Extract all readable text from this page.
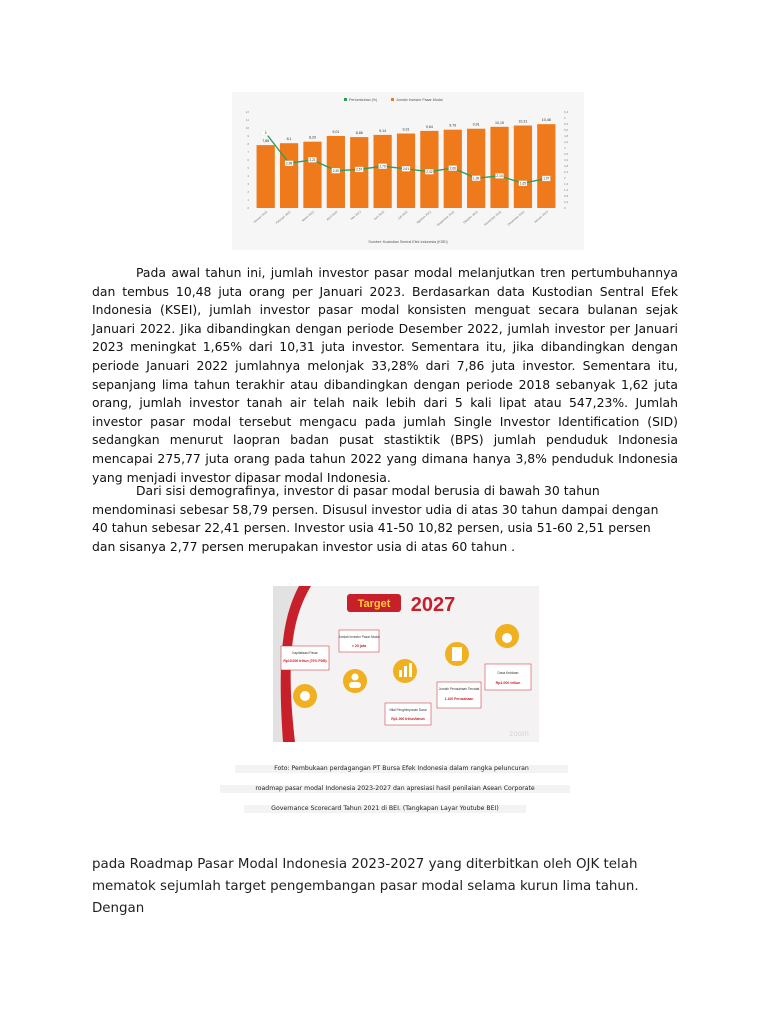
Pertumbuhan (%)	Jumlah Investor Pasar Modal
0
1
2
3
4
5
6
7
8
9
10
11
12
0
0,4
0,8
1,2
1,6
2
2,4
2,8
3,2
3,6
4
4,4
4,8
5,2
5,6
6
6,4
7,86
Januari 2022
8,1
Februari 2022
8,29
Maret 2022
9,01
April 2022
8,86
Mei 2022
9,14
Juni 2022
9,31
Juli 2022
9,64
Agustus 2022
9,79
September 2022
9,91
Oktober 2022
10,15
November 2022
10,31
Desember 2022
10,48
Januari 2023
5
2,98
3,21
2,49	2,57
2,79
2,61
2,42
2,66
1,99
2,14
1,65
1,97
Sumber: Kustodian Sentral Efek Indonesia (KSEI)

Pada awal tahun ini, jumlah investor pasar modal melanjutkan tren pertumbuhannya dan tembus 10,48 juta orang per Januari 2023. Berdasarkan data Kustodian Sentral Efek Indonesia (KSEI), jumlah investor pasar modal konsisten menguat secara bulanan sejak Januari 2022. Jika dibandingkan dengan periode Desember 2022, jumlah investor per Januari 2023 meningkat 1,65% dari 10,31 juta investor. Sementara itu, jika dibandingkan dengan periode Januari 2022 jumlahnya melonjak 33,28% dari 7,86 juta investor. Sementara itu, sepanjang lima tahun terakhir atau dibandingkan dengan periode 2018 sebanyak 1,62 juta orang, jumlah investor tanah air telah naik lebih dari 5 kali lipat atau 547,23%. Jumlah investor pasar modal tersebut mengacu pada jumlah Single Investor Identification (SID) sedangkan menurut laopran badan pusat stastiktik (BPS) jumlah penduduk Indonesia mencapai 275,77 juta orang pada tahun 2022 yang dimana hanya 3,8% penduduk Indonesia yang menjadi investor dipasar modal Indonesia.

Dari sisi demografinya, investor di pasar modal berusia di bawah 30 tahun mendominasi sebesar 58,79 persen. Disusul investor udia di atas 30 tahun dampai dengan 40 tahun sebesar 22,41 persen. Investor usia 41-50 10,82 persen, usia 51-60 2,51 persen dan sisanya 2,77 persen merupakan investor usia di atas 60 tahun .

Target 2027
Kapitalisasi Pasar
Rp15.000 triliun (70% PDB)
Jumlah Investor Pasar Modal
> 20 juta
Nilai Penghimpunan Dana
Rp1.000 triliun/tahun
Jumlah Perusahaan Tercatat
1.100 Perusahaan
Dana Kelolaan
Rp1.000 triliun
zoom
Foto: Pembukaan perdagangan PT Bursa Efek Indonesia dalam rangka peluncuran
roadmap pasar modal Indonesia 2023-2027 dan apresiasi hasil penilaian Asean Corporate
Governance Scorecard Tahun 2021 di BEI. (Tangkapan Layar Youtube BEI)

pada Roadmap Pasar Modal Indonesia 2023-2027 yang diterbitkan oleh OJK telah mematok sejumlah target pengembangan pasar modal selama kurun lima tahun. Dengan
